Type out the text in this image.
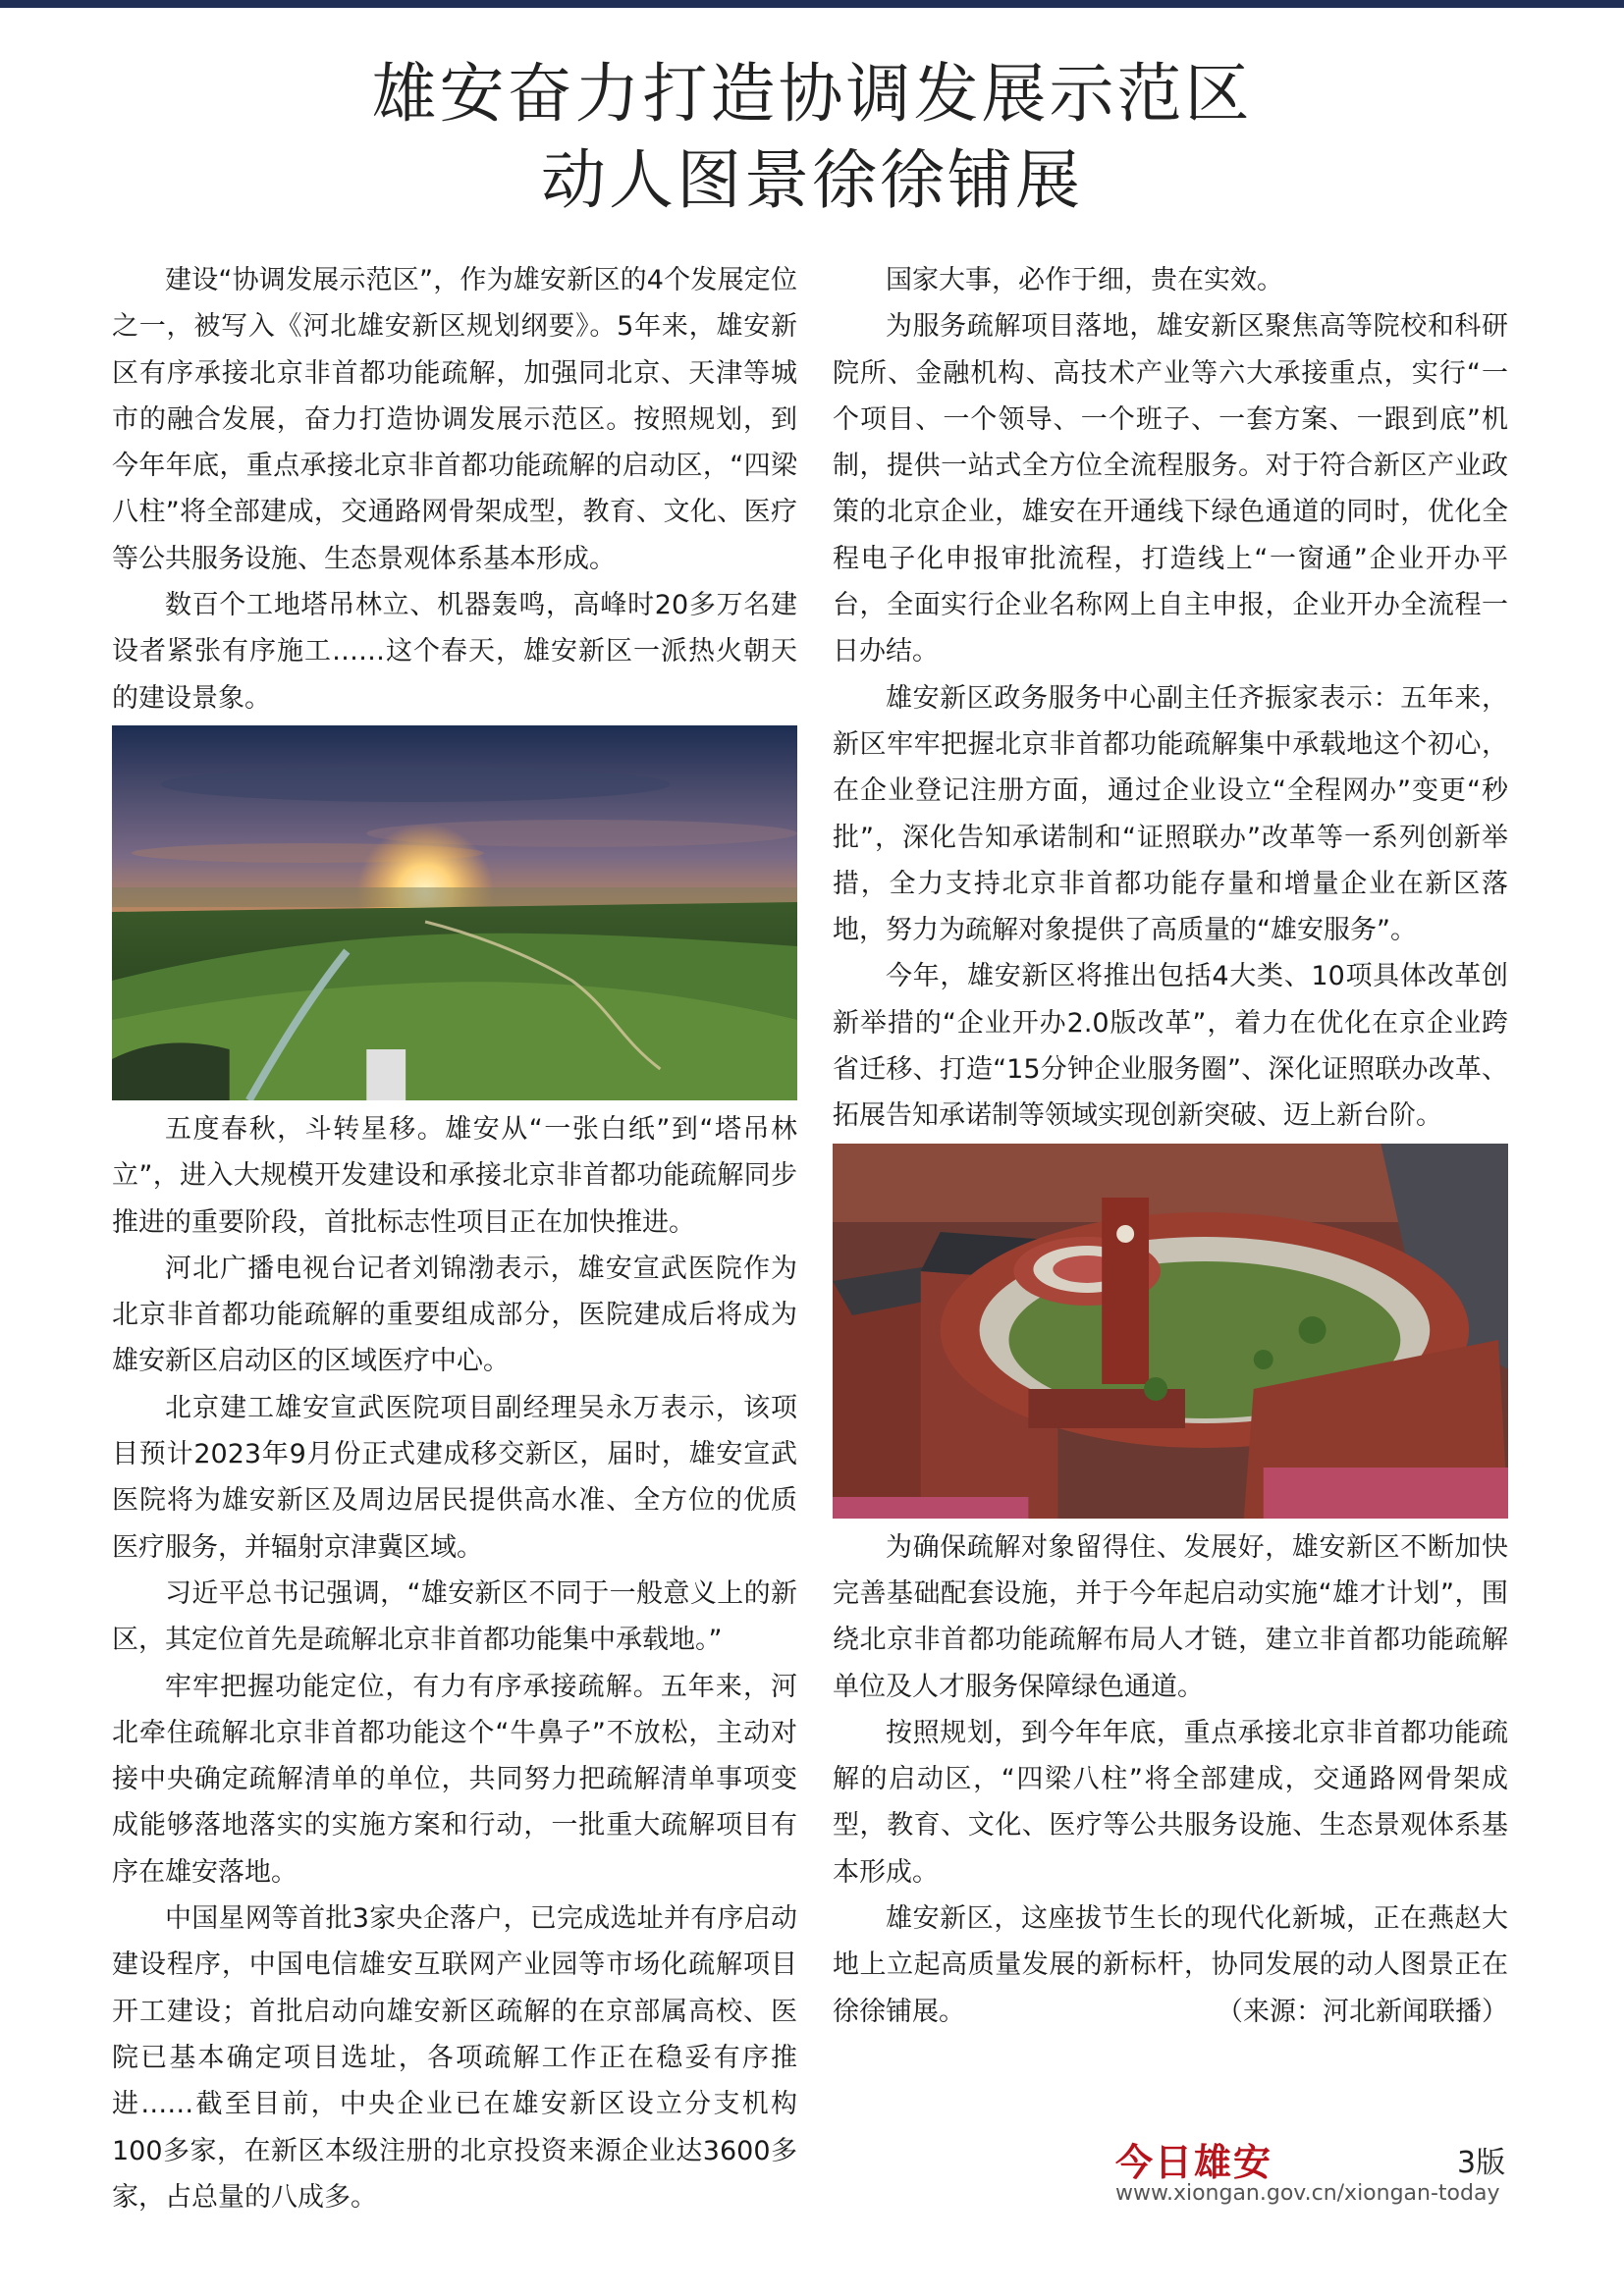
雄安奋力打造协调发展示范区
动人图景徐徐铺展

建设“协调发展示范区”，作为雄安新区的4个发展定位之一，被写入《河北雄安新区规划纲要》。5年来，雄安新区有序承接北京非首都功能疏解，加强同北京、天津等城市的融合发展，奋力打造协调发展示范区。按照规划，到今年年底，重点承接北京非首都功能疏解的启动区，“四梁八柱”将全部建成，交通路网骨架成型，教育、文化、医疗等公共服务设施、生态景观体系基本形成。

数百个工地塔吊林立、机器轰鸣，高峰时20多万名建设者紧张有序施工……这个春天，雄安新区一派热火朝天的建设景象。

五度春秋，斗转星移。雄安从“一张白纸”到“塔吊林立”，进入大规模开发建设和承接北京非首都功能疏解同步推进的重要阶段，首批标志性项目正在加快推进。

河北广播电视台记者刘锦渤表示，雄安宣武医院作为北京非首都功能疏解的重要组成部分，医院建成后将成为雄安新区启动区的区域医疗中心。

北京建工雄安宣武医院项目副经理吴永万表示，该项目预计2023年9月份正式建成移交新区，届时，雄安宣武医院将为雄安新区及周边居民提供高水准、全方位的优质医疗服务，并辐射京津冀区域。

习近平总书记强调，“雄安新区不同于一般意义上的新区，其定位首先是疏解北京非首都功能集中承载地。”

牢牢把握功能定位，有力有序承接疏解。五年来，河北牵住疏解北京非首都功能这个“牛鼻子”不放松，主动对接中央确定疏解清单的单位，共同努力把疏解清单事项变成能够落地落实的实施方案和行动，一批重大疏解项目有序在雄安落地。

中国星网等首批3家央企落户，已完成选址并有序启动建设程序，中国电信雄安互联网产业园等市场化疏解项目开工建设；首批启动向雄安新区疏解的在京部属高校、医院已基本确定项目选址，各项疏解工作正在稳妥有序推进……截至目前，中央企业已在雄安新区设立分支机构100多家，在新区本级注册的北京投资来源企业达3600多家，占总量的八成多。

国家大事，必作于细，贵在实效。

为服务疏解项目落地，雄安新区聚焦高等院校和科研院所、金融机构、高技术产业等六大承接重点，实行“一个项目、一个领导、一个班子、一套方案、一跟到底”机制，提供一站式全方位全流程服务。对于符合新区产业政策的北京企业，雄安在开通线下绿色通道的同时，优化全程电子化申报审批流程，打造线上“一窗通”企业开办平台，全面实行企业名称网上自主申报，企业开办全流程一日办结。

雄安新区政务服务中心副主任齐振家表示：五年来，新区牢牢把握北京非首都功能疏解集中承载地这个初心，在企业登记注册方面，通过企业设立“全程网办”变更“秒批”，深化告知承诺制和“证照联办”改革等一系列创新举措，全力支持北京非首都功能存量和增量企业在新区落地，努力为疏解对象提供了高质量的“雄安服务”。

今年，雄安新区将推出包括4大类、10项具体改革创新举措的“企业开办2.0版改革”，着力在优化在京企业跨省迁移、打造“15分钟企业服务圈”、深化证照联办改革、拓展告知承诺制等领域实现创新突破、迈上新台阶。

为确保疏解对象留得住、发展好，雄安新区不断加快完善基础配套设施，并于今年起启动实施“雄才计划”，围绕北京非首都功能疏解布局人才链，建立非首都功能疏解单位及人才服务保障绿色通道。

按照规划，到今年年底，重点承接北京非首都功能疏解的启动区，“四梁八柱”将全部建成，交通路网骨架成型，教育、文化、医疗等公共服务设施、生态景观体系基本形成。

雄安新区，这座拔节生长的现代化新城，正在燕赵大地上立起高质量发展的新标杆，协同发展的动人图景正在徐徐铺展。	（来源：河北新闻联播）

今日雄安	3版
www.xiongan.gov.cn/xiongan-today
